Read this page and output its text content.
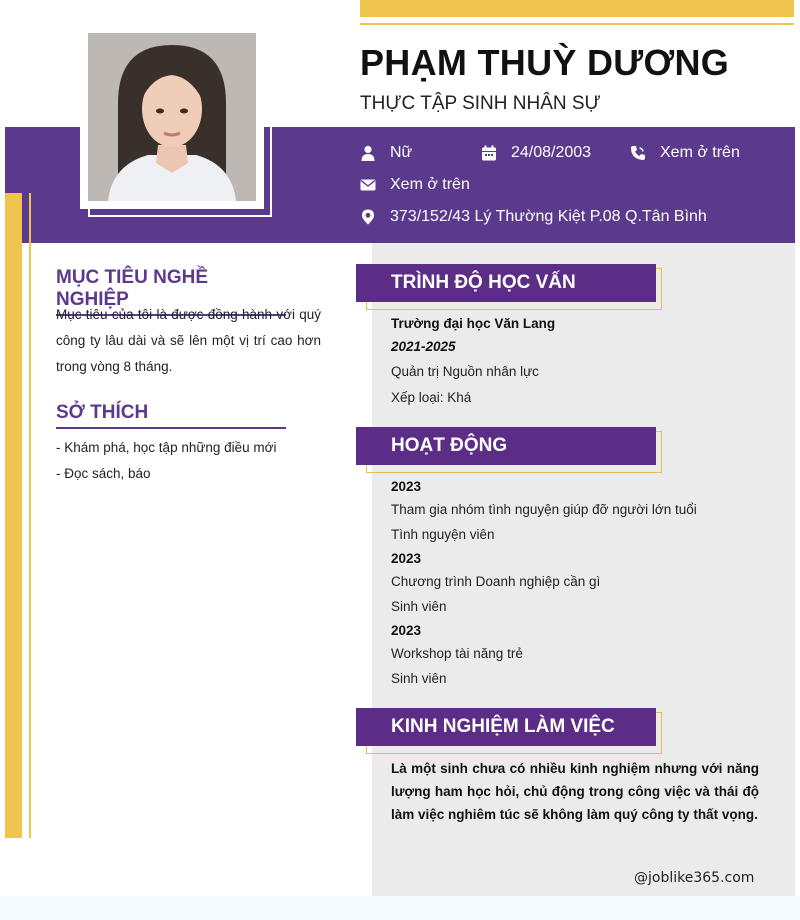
PHẠM THUỲ DƯƠNG
THỰC TẬP SINH NHÂN SỰ
Nữ	24/08/2003	Xem ở trên
Xem ở trên
373/152/43 Lý Thường Kiệt P.08 Q.Tân Bình
MỤC TIÊU NGHỀ NGHIỆP
Mục tiêu của tôi là được đồng hành với quý công ty lâu dài và sẽ lên một vị trí cao hơn trong vòng 8 tháng.
SỞ THÍCH
- Khám phá, học tập những điều mới
- Đọc sách, báo
TRÌNH ĐỘ HỌC VẤN
Trường đại học Văn Lang
2021-2025
Quản trị Nguồn nhân lực
Xếp loại: Khá
HOẠT ĐỘNG
2023
Tham gia nhóm tình nguyện giúp đỡ người lớn tuổi
Tình nguyện viên
2023
Chương trình Doanh nghiệp cần gì
Sinh viên
2023
Workshop tài năng trẻ
Sinh viên
KINH NGHIỆM LÀM VIỆC
Là một sinh chưa có nhiều kinh nghiệm nhưng với năng lượng ham học hỏi, chủ động trong công việc và thái độ làm việc nghiêm túc sẽ không làm quý công ty thất vọng.
@joblike365.com
